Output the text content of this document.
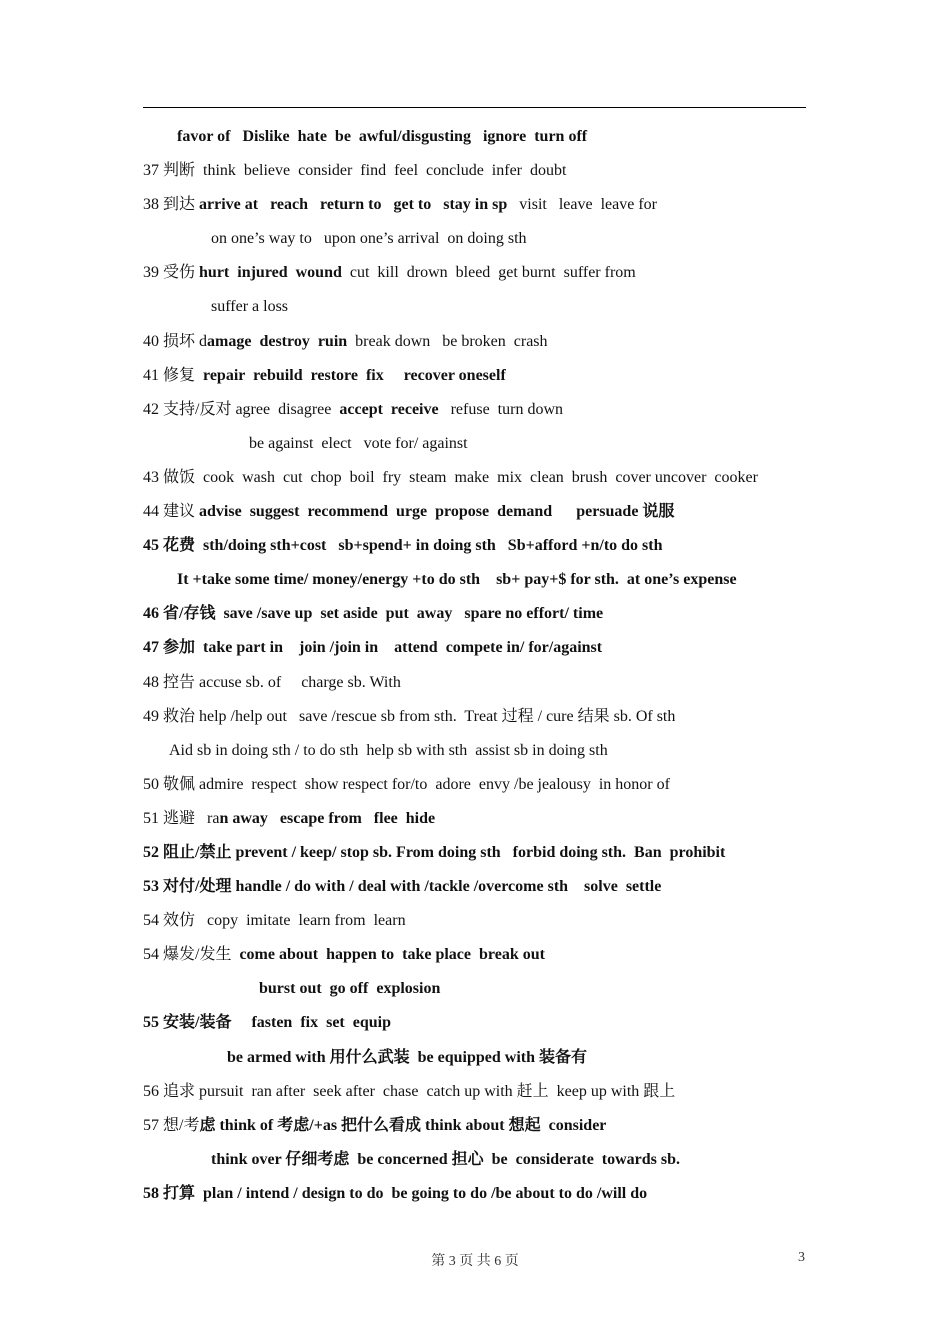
favor of   Dislike  hate  be  awful/disgusting   ignore  turn off
37 判断  think  believe  consider  find  feel  conclude  infer  doubt
38 到达 arrive at   reach   return to   get to   stay in sp   visit   leave  leave for
on one’s way to   upon one’s arrival  on doing sth
39 受伤 hurt  injured  wound  cut  kill  drown  bleed  get burnt  suffer from
suffer a loss
40 损坏 damage  destroy  ruin  break down   be broken  crash
41 修复  repair  rebuild  restore  fix     recover oneself
42 支持/反对 agree  disagree  accept  receive   refuse  turn down
be against  elect   vote for/ against
43 做饭  cook  wash  cut  chop  boil  fry  steam  make  mix  clean  brush  cover uncover  cooker
44 建议 advise  suggest  recommend  urge  propose  demand      persuade 说服
45 花费  sth/doing sth+cost   sb+spend+ in doing sth   Sb+afford +n/to do sth
It +take some time/ money/energy +to do sth    sb+ pay+$ for sth.  at one’s expense
46 省/存钱  save /save up  set aside  put  away   spare no effort/ time
47 参加  take part in    join /join in    attend  compete in/ for/against
48 控告 accuse sb. of     charge sb. With
49 救治 help /help out   save /rescue sb from sth.  Treat 过程 / cure 结果 sb. Of sth
Aid sb in doing sth / to do sth  help sb with sth  assist sb in doing sth
50 敬佩 admire  respect  show respect for/to  adore  envy /be jealousy  in honor of
51 逃避   ran away   escape from   flee  hide
52 阻止/禁止 prevent / keep/ stop sb. From doing sth   forbid doing sth.  Ban  prohibit
53 对付/处理 handle / do with / deal with /tackle /overcome sth    solve  settle
54 效仿   copy  imitate  learn from  learn
54 爆发/发生  come about  happen to  take place  break out
burst out  go off  explosion
55 安装/装备     fasten  fix  set  equip
be armed with 用什么武装  be equipped with 装备有
56 追求 pursuit  ran after  seek after  chase  catch up with 赶上  keep up with 跟上
57 想/考虑 think of 考虑/+as 把什么看成 think about 想起  consider
think over 仔细考虑  be concerned 担心  be  considerate  towards sb.
58 打算  plan / intend / design to do  be going to do /be about to do /will do
第 3 页 共 6 页	3
